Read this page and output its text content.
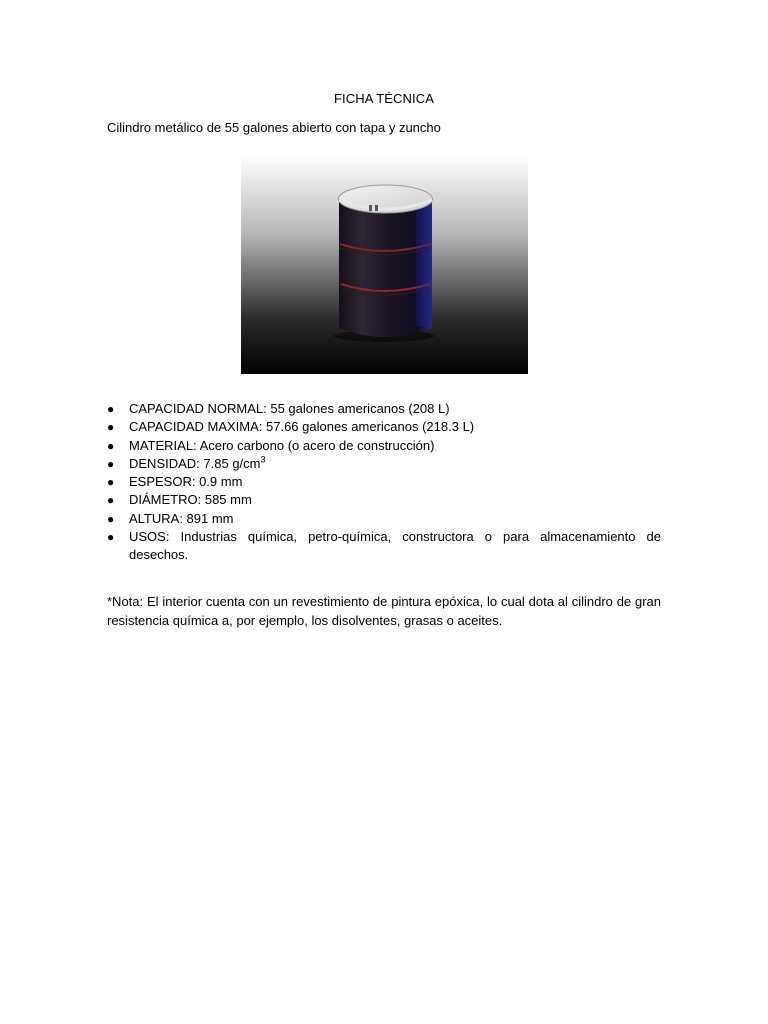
FICHA TÉCNICA
Cilindro metálico de 55 galones abierto con tapa y zuncho
● CAPACIDAD NORMAL: 55 galones americanos (208 L)
● CAPACIDAD MAXIMA: 57.66 galones americanos (218.3 L)
● MATERIAL: Acero carbono (o acero de construcción)
● DENSIDAD: 7.85 $g/cm^3$
● ESPESOR: 0.9 mm
● DIÁMETRO: 585 mm
● ALTURA: 891 mm
● USOS: Industrias química, petro-química, constructora o para almacenamiento de desechos.

*Nota: El interior cuenta con un revestimiento de pintura epóxica, lo cual dota al cilindro de gran resistencia química a, por ejemplo, los disolventes, grasas o aceites.
